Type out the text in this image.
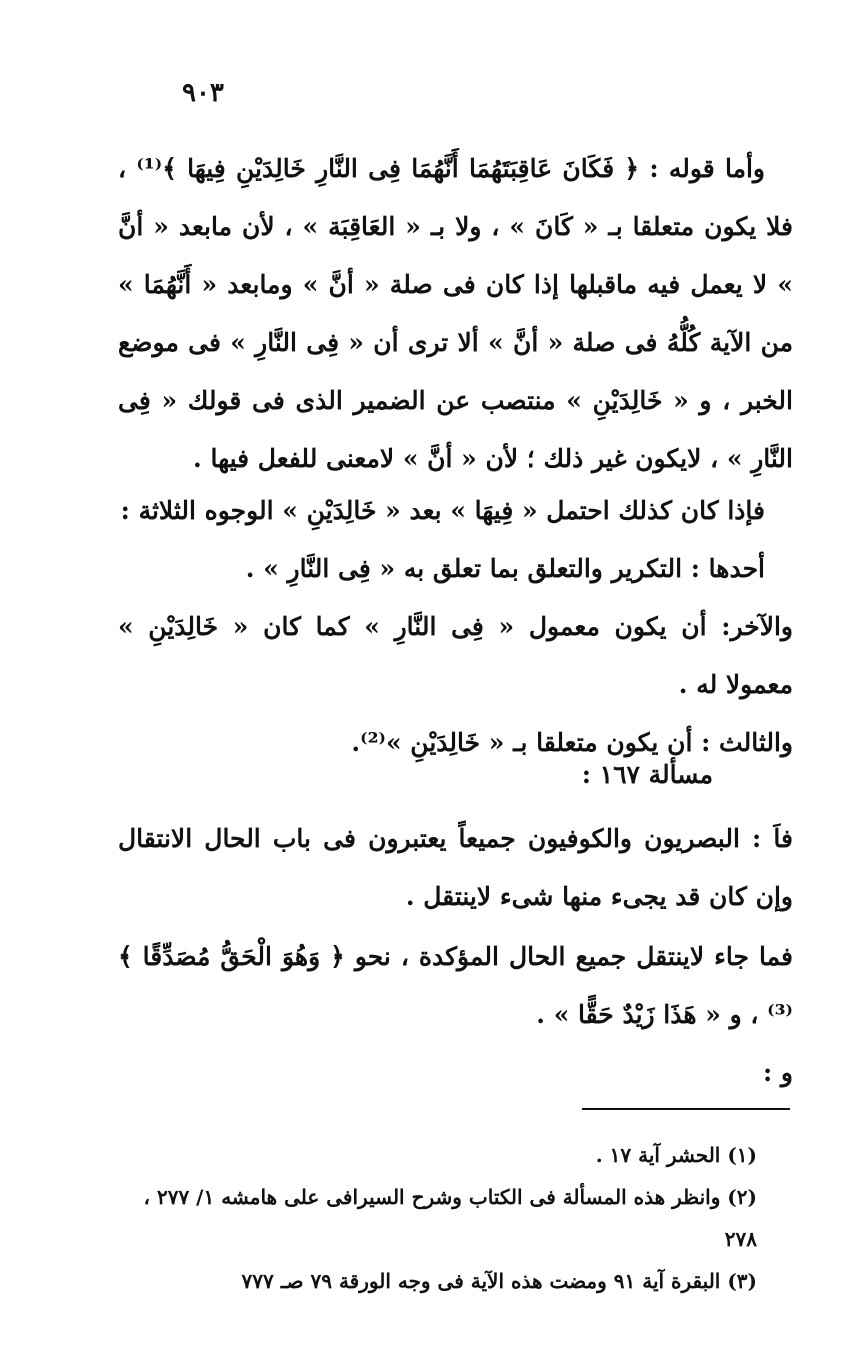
٩٠٣

وأما قوله : ﴿ فَكَانَ عَاقِبَتَهُمَا أَنَّهُمَا فِى النَّارِ خَالِدَيْنِ فِيهَا ﴾⁽¹⁾ ، فلا يكون متعلقا بـ « كَانَ » ، ولا بـ « العَاقِبَة » ، لأن مابعد « أنَّ » لا يعمل فيه ماقبلها إذا كان فى صلة « أنَّ » ومابعد « أَنَّهُمَا » من الآية كُلُّهُ فى صلة « أنَّ » ألا ترى أن « فِى النَّارِ » فى موضع الخبر ، و « خَالِدَيْنِ » منتصب عن الضمير الذى فى قولك « فِى النَّارِ » ، لايكون غير ذلك ؛ لأن « أنَّ » لامعنى للفعل فيها .

فإذا كان كذلك احتمل « فِيهَا » بعد « خَالِدَيْنِ » الوجوه الثلاثة :

أحدها : التكرير والتعلق بما تعلق به « فِى النَّارِ » .

والآخر: أن يكون معمول « فِى النَّارِ » كما كان « خَالِدَيْنِ » معمولا له .

والثالث : أن يكون متعلقا بـ « خَالِدَيْنِ »⁽²⁾.

مسألة ١٦٧ :

فاَ : البصريون والكوفيون جميعاً يعتبرون فى باب الحال الانتقال وإن كان قد يجىء منها شىء لاينتقل .

فما جاء لاينتقل جميع الحال المؤكدة ، نحو ﴿ وَهُوَ الْحَقُّ مُصَدِّقًا ﴾⁽³⁾ ، و « هَذَا زَيْدٌ حَقًّا » .

و :

(١) الحشر آية ١٧ .

(٢) وانظر هذه المسألة فى الكتاب وشرح السيرافى على هامشه ١/ ٢٧٧ ، ٢٧٨

(٣) البقرة آية ٩١ ومضت هذه الآية فى وجه الورقة ٧٩ صـ ٧٧٧
